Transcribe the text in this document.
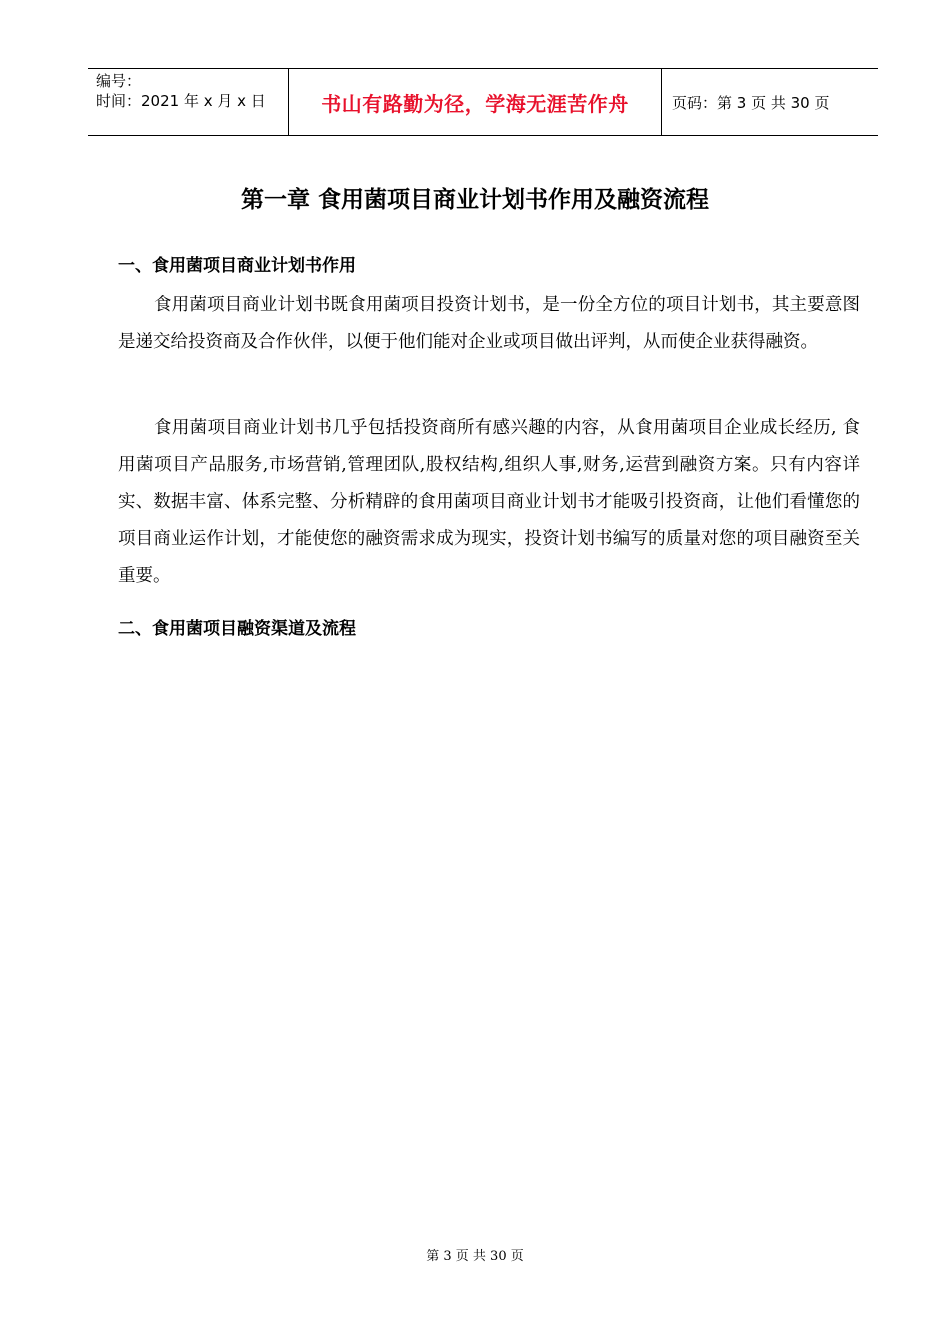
编号：
时间：2021 年 x 月 x 日	书山有路勤为径，学海无涯苦作舟	页码：第 3 页 共 30 页
第一章 食用菌项目商业计划书作用及融资流程
一、食用菌项目商业计划书作用

食用菌项目商业计划书既食用菌项目投资计划书，是一份全方位的项目计划书，其主要意图是递交给投资商及合作伙伴，以便于他们能对企业或项目做出评判，从而使企业获得融资。

食用菌项目商业计划书几乎包括投资商所有感兴趣的内容，从食用菌项目企业成长经历, 食用菌项目产品服务,市场营销,管理团队,股权结构,组织人事,财务,运营到融资方案。只有内容详实、数据丰富、体系完整、分析精辟的食用菌项目商业计划书才能吸引投资商，让他们看懂您的项目商业运作计划，才能使您的融资需求成为现实，投资计划书编写的质量对您的项目融资至关重要。

二、食用菌项目融资渠道及流程
第 3 页 共 30 页
